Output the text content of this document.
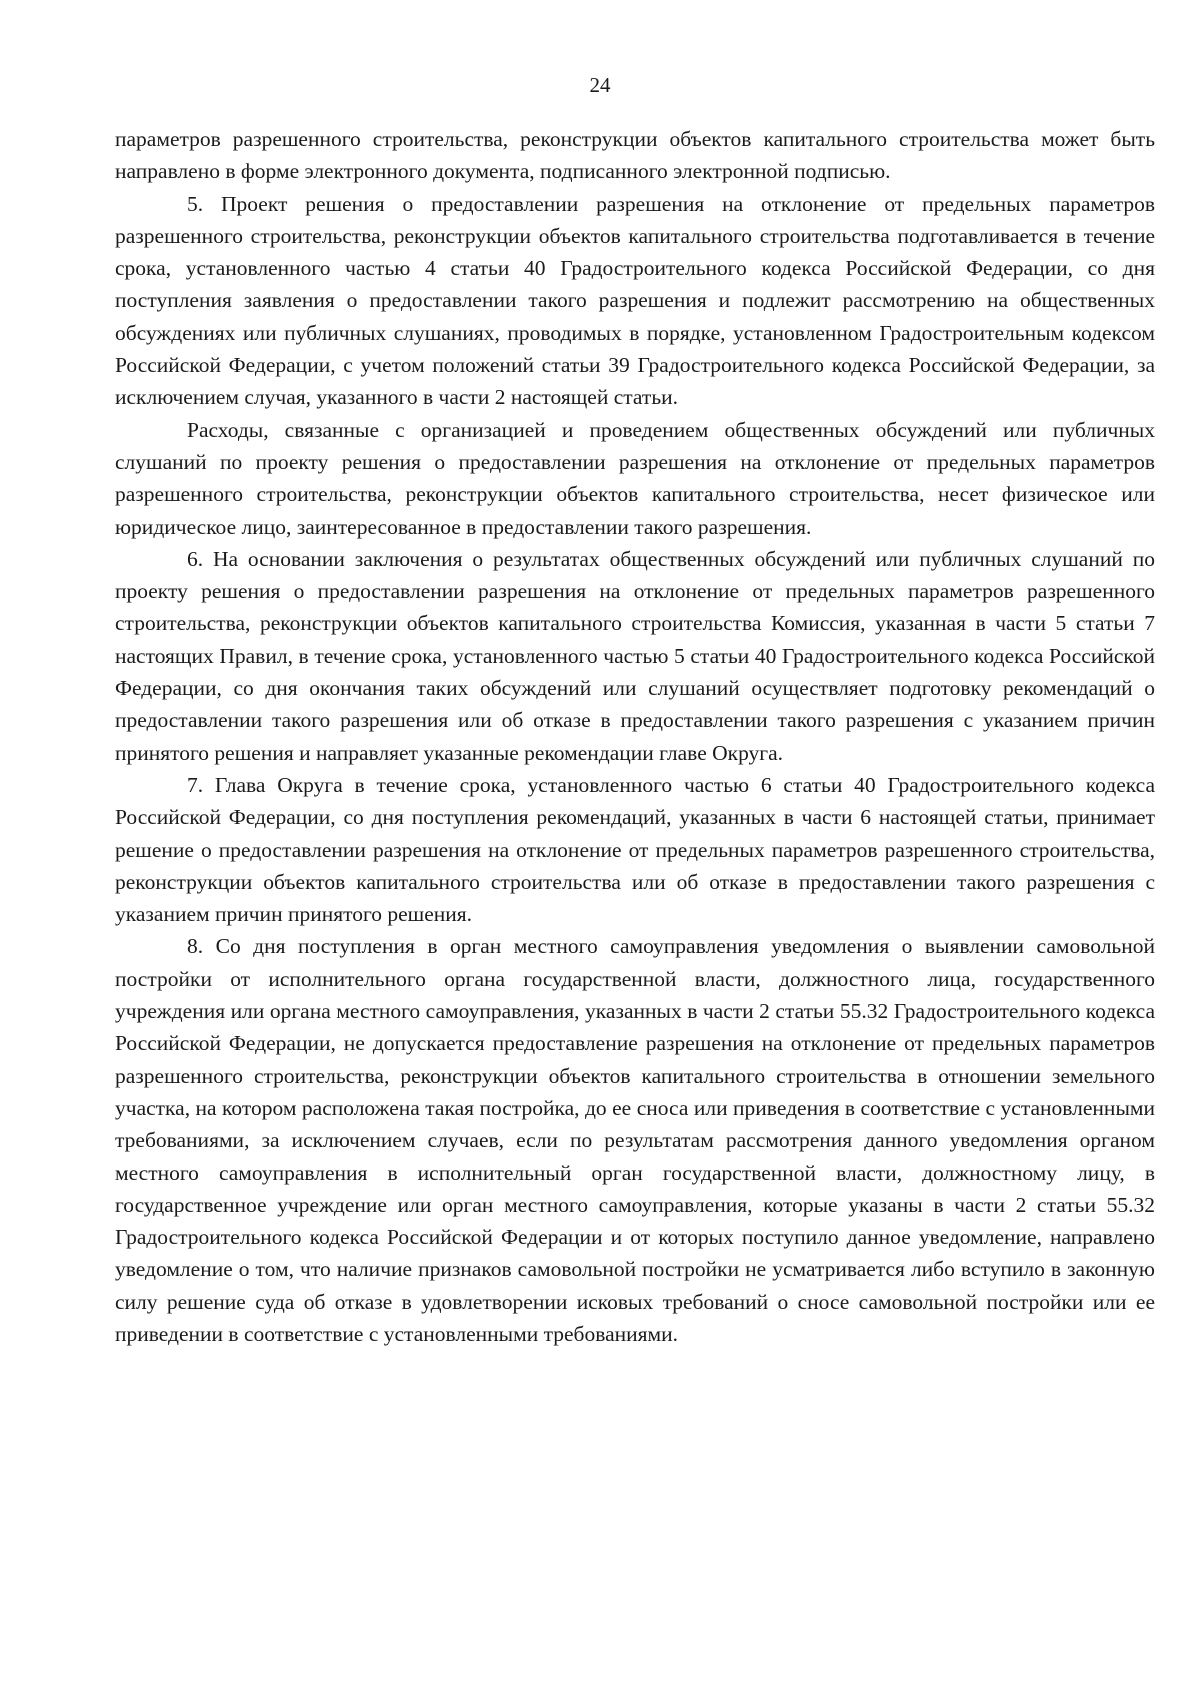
24

параметров разрешенного строительства, реконструкции объектов капитального строительства может быть направлено в форме электронного документа, подписанного электронной подписью.

5. Проект решения о предоставлении разрешения на отклонение от предельных параметров разрешенного строительства, реконструкции объектов капитального строительства подготавливается в течение срока, установленного частью 4 статьи 40 Градостроительного кодекса Российской Федерации, со дня поступления заявления о предоставлении такого разрешения и подлежит рассмотрению на общественных обсуждениях или публичных слушаниях, проводимых в порядке, установленном Градостроительным кодексом Российской Федерации, с учетом положений статьи 39 Градостроительного кодекса Российской Федерации, за исключением случая, указанного в части 2 настоящей статьи.

Расходы, связанные с организацией и проведением общественных обсуждений или публичных слушаний по проекту решения о предоставлении разрешения на отклонение от предельных параметров разрешенного строительства, реконструкции объектов капитального строительства, несет физическое или юридическое лицо, заинтересованное в предоставлении такого разрешения.

6. На основании заключения о результатах общественных обсуждений или публичных слушаний по проекту решения о предоставлении разрешения на отклонение от предельных параметров разрешенного строительства, реконструкции объектов капитального строительства Комиссия, указанная в части 5 статьи 7 настоящих Правил, в течение срока, установленного частью 5 статьи 40 Градостроительного кодекса Российской Федерации, со дня окончания таких обсуждений или слушаний осуществляет подготовку рекомендаций о предоставлении такого разрешения или об отказе в предоставлении такого разрешения с указанием причин принятого решения и направляет указанные рекомендации главе Округа.

7. Глава Округа в течение срока, установленного частью 6 статьи 40 Градостроительного кодекса Российской Федерации, со дня поступления рекомендаций, указанных в части 6 настоящей статьи, принимает решение о предоставлении разрешения на отклонение от предельных параметров разрешенного строительства, реконструкции объектов капитального строительства или об отказе в предоставлении такого разрешения с указанием причин принятого решения.

8. Со дня поступления в орган местного самоуправления уведомления о выявлении самовольной постройки от исполнительного органа государственной власти, должностного лица, государственного учреждения или органа местного самоуправления, указанных в части 2 статьи 55.32 Градостроительного кодекса Российской Федерации, не допускается предоставление разрешения на отклонение от предельных параметров разрешенного строительства, реконструкции объектов капитального строительства в отношении земельного участка, на котором расположена такая постройка, до ее сноса или приведения в соответствие с установленными требованиями, за исключением случаев, если по результатам рассмотрения данного уведомления органом местного самоуправления в исполнительный орган государственной власти, должностному лицу, в государственное учреждение или орган местного самоуправления, которые указаны в части 2 статьи 55.32 Градостроительного кодекса Российской Федерации и от которых поступило данное уведомление, направлено уведомление о том, что наличие признаков самовольной постройки не усматривается либо вступило в законную силу решение суда об отказе в удовлетворении исковых требований о сносе самовольной постройки или ее приведении в соответствие с установленными требованиями.
